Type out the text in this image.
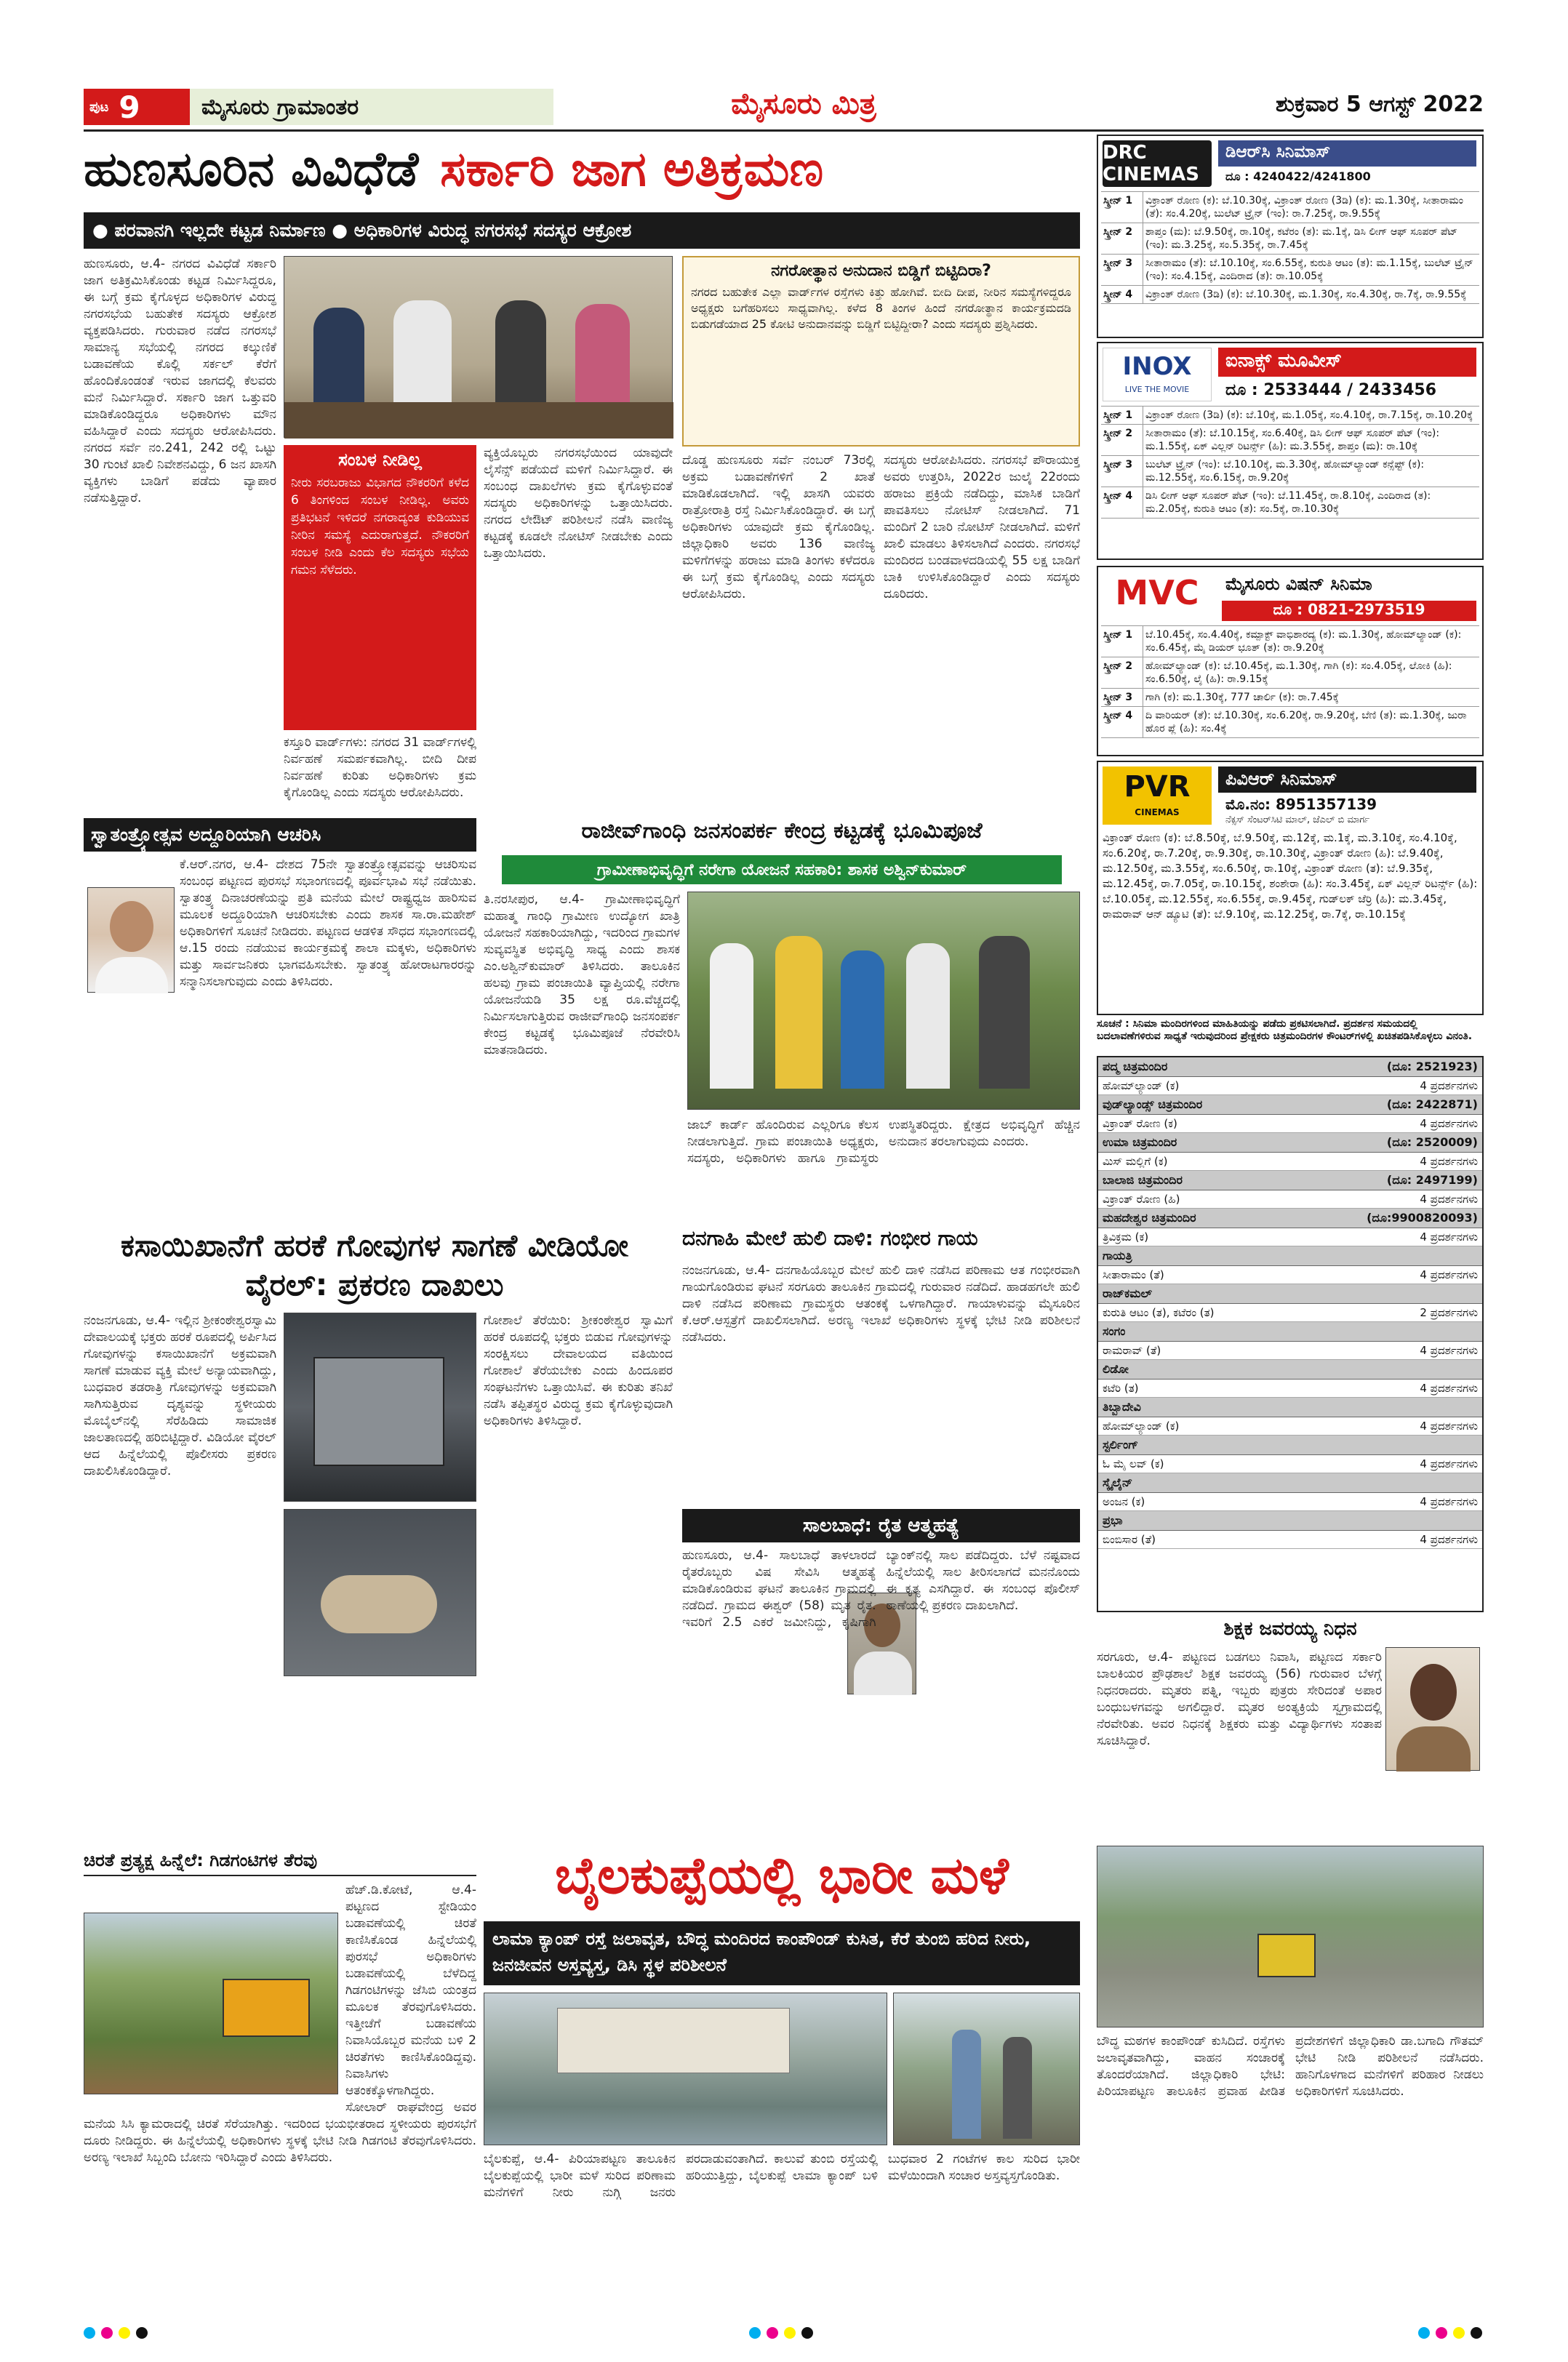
ಪುಟ 9	ಮೈಸೂರು ಗ್ರಾಮಾಂತರ	ಮೈಸೂರು ಮಿತ್ರ	ಶುಕ್ರವಾರ 5 ಆಗಸ್ಟ್ 2022
ಹುಣಸೂರಿನ ವಿವಿಧೆಡೆ ಸರ್ಕಾರಿ ಜಾಗ ಅತಿಕ್ರಮಣ
● ಪರವಾನಗಿ ಇಲ್ಲದೇ ಕಟ್ಟಡ ನಿರ್ಮಾಣ ● ಅಧಿಕಾರಿಗಳ ವಿರುದ್ಧ ನಗರಸಭೆ ಸದಸ್ಯರ ಆಕ್ರೋಶ
ಹುಣಸೂರು, ಆ.4- ನಗರದ ವಿವಿಧೆಡೆ ಸರ್ಕಾರಿ ಜಾಗ ಅತಿಕ್ರಮಿಸಿಕೊಂಡು ಕಟ್ಟಡ ನಿರ್ಮಿಸಿದ್ದರೂ, ಈ ಬಗ್ಗೆ ಕ್ರಮ ಕೈಗೊಳ್ಳದ ಅಧಿಕಾರಿಗಳ ವಿರುದ್ಧ ನಗರಸಭೆಯ ಬಹುತೇಕ ಸದಸ್ಯರು ಆಕ್ರೋಶ ವ್ಯಕ್ತಪಡಿಸಿದರು. ಗುರುವಾರ ನಡೆದ ನಗರಸಭೆ ಸಾಮಾನ್ಯ ಸಭೆಯಲ್ಲಿ ನಗರದ ಕಲ್ಕುಣಿಕೆ ಬಡಾವಣೆಯ ಕೊಲ್ಲಿ ಸರ್ಕಲ್ ಕೆರೆಗೆ ಹೊಂದಿಕೊಂಡಂತೆ ಇರುವ ಜಾಗದಲ್ಲಿ ಕೆಲವರು ಮನೆ ನಿರ್ಮಿಸಿದ್ದಾರೆ. ಸರ್ಕಾರಿ ಜಾಗ ಒತ್ತುವರಿ ಮಾಡಿಕೊಂಡಿದ್ದರೂ ಅಧಿಕಾರಿಗಳು ಮೌನ ವಹಿಸಿದ್ದಾರೆ ಎಂದು ಸದಸ್ಯರು ಆರೋಪಿಸಿದರು. ನಗರದ ಸರ್ವೆ ನಂ.241, 242 ರಲ್ಲಿ ಒಟ್ಟು 30 ಗುಂಟೆ ಖಾಲಿ ನಿವೇಶನವಿದ್ದು, 6 ಜನ ಖಾಸಗಿ ವ್ಯಕ್ತಿಗಳು ಬಾಡಿಗೆ ಪಡೆದು ವ್ಯಾಪಾರ ನಡೆಸುತ್ತಿದ್ದಾರೆ.
ಸಂಬಳ ನೀಡಿಲ್ಲ
ನೀರು ಸರಬರಾಜು ವಿಭಾಗದ ನೌಕರರಿಗೆ ಕಳೆದ 6 ತಿಂಗಳಿಂದ ಸಂಬಳ ನೀಡಿಲ್ಲ. ಅವರು ಪ್ರತಿಭಟನೆ ಇಳಿದರೆ ನಗರಾದ್ಯಂತ ಕುಡಿಯುವ ನೀರಿನ ಸಮಸ್ಯೆ ಎದುರಾಗುತ್ತದೆ. ನೌಕರರಿಗೆ ಸಂಬಳ ನೀಡಿ ಎಂದು ಕೆಲ ಸದಸ್ಯರು ಸಭೆಯ ಗಮನ ಸೆಳೆದರು.
ಕಸ್ತೂರಿ ವಾರ್ಡ್‌ಗಳು: ನಗರದ 31 ವಾರ್ಡ್‌ಗಳಲ್ಲಿ ನಿರ್ವಹಣೆ ಸಮರ್ಪಕವಾಗಿಲ್ಲ. ಬೀದಿ ದೀಪ ನಿರ್ವಹಣೆ ಕುರಿತು ಅಧಿಕಾರಿಗಳು ಕ್ರಮ ಕೈಗೊಂಡಿಲ್ಲ ಎಂದು ಸದಸ್ಯರು ಆರೋಪಿಸಿದರು.
ವ್ಯಕ್ತಿಯೊಬ್ಬರು ನಗರಸಭೆಯಿಂದ ಯಾವುದೇ ಲೈಸೆನ್ಸ್ ಪಡೆಯದೆ ಮಳಿಗೆ ನಿರ್ಮಿಸಿದ್ದಾರೆ. ಈ ಸಂಬಂಧ ದಾಖಲೆಗಳು ಕ್ರಮ ಕೈಗೊಳ್ಳುವಂತೆ ಸದಸ್ಯರು ಅಧಿಕಾರಿಗಳನ್ನು ಒತ್ತಾಯಿಸಿದರು. ನಗರದ ಲೇಔಟ್ ಪರಿಶೀಲನೆ ನಡೆಸಿ ವಾಣಿಜ್ಯ ಕಟ್ಟಡಕ್ಕೆ ಕೂಡಲೇ ನೋಟಿಸ್ ನೀಡಬೇಕು ಎಂದು ಒತ್ತಾಯಿಸಿದರು.
ನಗರೋತ್ಥಾನ ಅನುದಾನ ಬಿಡ್ಡಿಗೆ ಬಿಟ್ಟಿದಿರಾ?
ನಗರದ ಬಹುತೇಕ ಎಲ್ಲಾ ವಾರ್ಡ್‌ಗಳ ರಸ್ತೆಗಳು ಕಿತ್ತು ಹೋಗಿವೆ. ಬೀದಿ ದೀಪ, ನೀರಿನ ಸಮಸ್ಯೆಗಳಿದ್ದರೂ ಅಧ್ಯಕ್ಷರು ಬಗೆಹರಿಸಲು ಸಾಧ್ಯವಾಗಿಲ್ಲ. ಕಳೆದ 8 ತಿಂಗಳ ಹಿಂದೆ ನಗರೋತ್ಥಾನ ಕಾರ್ಯಕ್ರಮದಡಿ ಬಿಡುಗಡೆಯಾದ 25 ಕೋಟಿ ಅನುದಾನವನ್ನು ಬಿಡ್ಡಿಗೆ ಬಿಟ್ಟಿದ್ದೀರಾ? ಎಂದು ಸದಸ್ಯರು ಪ್ರಶ್ನಿಸಿದರು.
ದೊಡ್ಡ ಹುಣಸೂರು ಸರ್ವೆ ನಂಬರ್ 73ರಲ್ಲಿ ಅಕ್ರಮ ಬಡಾವಣೆಗಳಿಗೆ 2 ಖಾತೆ ಮಾಡಿಕೊಡಲಾಗಿದೆ. ಇಲ್ಲಿ ಖಾಸಗಿ ಯವರು ರಾತ್ರೋರಾತ್ರಿ ರಸ್ತೆ ನಿರ್ಮಿಸಿಕೊಂಡಿದ್ದಾರೆ. ಈ ಬಗ್ಗೆ ಅಧಿಕಾರಿಗಳು ಯಾವುದೇ ಕ್ರಮ ಕೈಗೊಂಡಿಲ್ಲ. ಜಿಲ್ಲಾಧಿಕಾರಿ ಅವರು 136 ವಾಣಿಜ್ಯ ಮಳಿಗೆಗಳನ್ನು ಹರಾಜು ಮಾಡಿ ತಿಂಗಳು ಕಳೆದರೂ ಈ ಬಗ್ಗೆ ಕ್ರಮ ಕೈಗೊಂಡಿಲ್ಲ ಎಂದು ಸದಸ್ಯರು ಆರೋಪಿಸಿದರು.
ಸದಸ್ಯರು ಆರೋಪಿಸಿದರು. ನಗರಸಭೆ ಪೌರಾಯುಕ್ತ ಅವರು ಉತ್ತರಿಸಿ, 2022ರ ಜುಲೈ 22ರಂದು ಹರಾಜು ಪ್ರಕ್ರಿಯೆ ನಡೆದಿದ್ದು, ಮಾಸಿಕ ಬಾಡಿಗೆ ಪಾವತಿಸಲು ನೋಟಿಸ್ ನೀಡಲಾಗಿದೆ. 71 ಮಂದಿಗೆ 2 ಬಾರಿ ನೋಟಿಸ್ ನೀಡಲಾಗಿದೆ. ಮಳಿಗೆ ಖಾಲಿ ಮಾಡಲು ತಿಳಿಸಲಾಗಿದೆ ಎಂದರು. ನಗರಸಭೆ ಮಂದಿರದ ಬಂಡವಾಳದಡಿಯಲ್ಲಿ 55 ಲಕ್ಷ ಬಾಡಿಗೆ ಬಾಕಿ ಉಳಿಸಿಕೊಂಡಿದ್ದಾರೆ ಎಂದು ಸದಸ್ಯರು ದೂರಿದರು.
DRC CINEMAS
ಡಿಆರ್‌ಸಿ ಸಿನಿಮಾಸ್
ದೂ : 4240422/4241800
ಸ್ಕ್ರೀನ್ 1	ವಿಕ್ರಾಂತ್ ರೋಣ (ಕ): ಬೆ.10.30ಕ್ಕೆ, ವಿಕ್ರಾಂತ್ ರೋಣ (3ಡಿ) (ಕ): ಮ.1.30ಕ್ಕೆ, ಸೀತಾರಾಮಂ (ತೆ): ಸಂ.4.20ಕ್ಕೆ, ಬುಲೆಟ್ ಟ್ರೈನ್ (ಇಂ): ರಾ.7.25ಕ್ಕೆ, ರಾ.9.55ಕ್ಕೆ
ಸ್ಕ್ರೀನ್ 2	ಶಾಪ್ತಂ (ಮ): ಬೆ.9.50ಕ್ಕೆ, ರಾ.10ಕ್ಕೆ, ಕಟೆರಂ (ತ): ಮ.1ಕ್ಕೆ, ಡಿಸಿ ಲೀಗ್ ಆಫ್ ಸೂಪರ್ ಪೆಟ್ (ಇಂ): ಮ.3.25ಕ್ಕೆ, ಸಂ.5.35ಕ್ಕೆ, ರಾ.7.45ಕ್ಕೆ
ಸ್ಕ್ರೀನ್ 3	ಸೀತಾರಾಮಂ (ತೆ): ಬೆ.10.10ಕ್ಕೆ, ಸಂ.6.55ಕ್ಕೆ, ಕುರುತಿ ಆಟಂ (ತ): ಮ.1.15ಕ್ಕೆ, ಬುಲೆಟ್ ಟ್ರೈನ್ (ಇಂ): ಸಂ.4.15ಕ್ಕೆ, ಎಂದಿರಾದ (ತ): ರಾ.10.05ಕ್ಕೆ
ಸ್ಕ್ರೀನ್ 4	ವಿಕ್ರಾಂತ್ ರೋಣ (3ಡಿ) (ಕ): ಬೆ.10.30ಕ್ಕೆ, ಮ.1.30ಕ್ಕೆ, ಸಂ.4.30ಕ್ಕೆ, ರಾ.7ಕ್ಕೆ, ರಾ.9.55ಕ್ಕೆ
INOX
LIVE THE MOVIE
ಐನಾಕ್ಸ್ ಮೂವೀಸ್
ದೂ : 2533444 / 2433456
ಸ್ಕ್ರೀನ್ 1	ವಿಕ್ರಾಂತ್ ರೋಣ (3ಡಿ) (ಕ): ಬೆ.10ಕ್ಕೆ, ಮ.1.05ಕ್ಕೆ, ಸಂ.4.10ಕ್ಕೆ, ರಾ.7.15ಕ್ಕೆ, ರಾ.10.20ಕ್ಕೆ
ಸ್ಕ್ರೀನ್ 2	ಸೀತಾರಾಮಂ (ತೆ): ಬೆ.10.15ಕ್ಕೆ, ಸಂ.6.40ಕ್ಕೆ, ಡಿಸಿ ಲೀಗ್ ಆಫ್ ಸೂಪರ್ ಪೆಟ್ (ಇಂ): ಮ.1.55ಕ್ಕೆ, ಏಕ್ ವಿಲ್ಲನ್ ರಿಟರ್ನ್ಸ್ (ಹಿ): ಮ.3.55ಕ್ಕೆ, ಶಾಪ್ತಂ (ಮ): ರಾ.10ಕ್ಕೆ
ಸ್ಕ್ರೀನ್ 3	ಬುಲೆಟ್ ಟ್ರೈನ್ (ಇಂ): ಬೆ.10.10ಕ್ಕೆ, ಮ.3.30ಕ್ಕೆ, ಹೋಮ್‌ಲ್ಯಾಂಡ್ ಕನ್ಸೆಪ್ಟ್ (ಕ): ಮ.12.55ಕ್ಕೆ, ಸಂ.6.15ಕ್ಕೆ, ರಾ.9.20ಕ್ಕೆ
ಸ್ಕ್ರೀನ್ 4	ಡಿಸಿ ಲೀಗ್ ಆಫ್ ಸೂಪರ್ ಪೆಟ್ (ಇಂ): ಬೆ.11.45ಕ್ಕೆ, ರಾ.8.10ಕ್ಕೆ, ಎಂದಿರಾದ (ತ): ಮ.2.05ಕ್ಕೆ, ಕುರುತಿ ಆಟಂ (ತ): ಸಂ.5ಕ್ಕೆ, ರಾ.10.30ಕ್ಕೆ
MVC	ಮೈಸೂರು ವಿಷನ್ ಸಿನಿಮಾ
ದೂ : 0821-2973519
ಸ್ಕ್ರೀನ್ 1	ಬೆ.10.45ಕ್ಕೆ, ಸಂ.4.40ಕ್ಕೆ, ಕಮ್ಪಾಕ್ಟ್ ವಾಭಿಶಾರದ್ಯ (ಕ): ಮ.1.30ಕ್ಕೆ, ಹೋಮ್‌ಲ್ಯಾಂಡ್ (ಕ): ಸಂ.6.45ಕ್ಕೆ, ಮೈ ಡಿಯರ್ ಭೂತ್ (ತ): ರಾ.9.20ಕ್ಕೆ
ಸ್ಕ್ರೀನ್ 2	ಹೋಮ್‌ಲ್ಯಾಂಡ್ (ಕ): ಬೆ.10.45ಕ್ಕೆ, ಮ.1.30ಕ್ಕೆ, ಗಾಗಿ (ಕ): ಸಂ.4.05ಕ್ಕೆ, ಲೋಕಿ (ಹಿ): ಸಂ.6.50ಕ್ಕೆ, ಲೈ (ಹಿ): ರಾ.9.15ಕ್ಕೆ
ಸ್ಕ್ರೀನ್ 3	ಗಾಗಿ (ಕ): ಮ.1.30ಕ್ಕೆ, 777 ಚಾರ್ಲಿ (ಕ): ರಾ.7.45ಕ್ಕೆ
ಸ್ಕ್ರೀನ್ 4	ದಿ ವಾರಿಯರ್ (ತೆ): ಬೆ.10.30ಕ್ಕೆ, ಸಂ.6.20ಕ್ಕೆ, ರಾ.9.20ಕ್ಕೆ, ಬೆಣಿ (ತ): ಮ.1.30ಕ್ಕೆ, ಜುರಾ ಹೊರ ಪ್ಲೆ (ಹಿ): ಸಂ.4ಕ್ಕೆ
PVR
CINEMAS
ಪಿವಿಆರ್ ಸಿನಿಮಾಸ್
ಮೊ.ನಂ: 8951357139
ನೆಕ್ಸಸ್ ಸೆಂಟರ್‌ಸಿಟಿ ಮಾಲ್, ಜೆಎಲ್ ಬಿ ಮಾರ್ಗ
ವಿಕ್ರಾಂತ್ ರೋಣ (ಕ): ಬೆ.8.50ಕ್ಕೆ, ಬೆ.9.50ಕ್ಕೆ, ಮ.12ಕ್ಕೆ, ಮ.1ಕ್ಕೆ, ಮ.3.10ಕ್ಕೆ, ಸಂ.4.10ಕ್ಕೆ, ಸಂ.6.20ಕ್ಕೆ, ರಾ.7.20ಕ್ಕೆ, ರಾ.9.30ಕ್ಕೆ, ರಾ.10.30ಕ್ಕೆ, ವಿಕ್ರಾಂತ್ ರೋಣ (ಹಿ): ಬೆ.9.40ಕ್ಕೆ, ಮ.12.50ಕ್ಕೆ, ಮ.3.55ಕ್ಕೆ, ಸಂ.6.50ಕ್ಕೆ, ರಾ.10ಕ್ಕೆ, ವಿಕ್ರಾಂತ್ ರೋಣ (ತ): ಬೆ.9.35ಕ್ಕೆ, ಮ.12.45ಕ್ಕೆ, ರಾ.7.05ಕ್ಕೆ, ರಾ.10.15ಕ್ಕೆ, ಶಂಶೇರಾ (ಹಿ): ಸಂ.3.45ಕ್ಕೆ, ಏಕ್ ವಿಲ್ಲನ್ ರಿಟರ್ನ್ಸ್ (ಹಿ): ಬೆ.10.05ಕ್ಕೆ, ಮ.12.55ಕ್ಕೆ, ಸಂ.6.55ಕ್ಕೆ, ರಾ.9.45ಕ್ಕೆ, ಗುಡ್‌ಲಕ್ ಜೆರ್ರಿ (ಹಿ): ಮ.3.45ಕ್ಕೆ, ರಾಮರಾವ್ ಆನ್ ಡ್ಯೂಟಿ (ತೆ): ಬೆ.9.10ಕ್ಕೆ, ಮ.12.25ಕ್ಕೆ, ರಾ.7ಕ್ಕೆ, ರಾ.10.15ಕ್ಕೆ
ಸೂಚನೆ : ಸಿನಿಮಾ ಮಂದಿರಗಳಿಂದ ಮಾಹಿತಿಯನ್ನು ಪಡೆದು ಪ್ರಕಟಿಸಲಾಗಿದೆ. ಪ್ರದರ್ಶನ ಸಮಯದಲ್ಲಿ ಬದಲಾವಣೆಗಳಿರುವ ಸಾಧ್ಯತೆ ಇರುವುದರಿಂದ ಪ್ರೇಕ್ಷಕರು ಚಿತ್ರಮಂದಿರಗಳ ಕೌಂಟರ್‌ಗಳಲ್ಲಿ ಖಚಿತಪಡಿಸಿಕೊಳ್ಳಲು ವಿನಂತಿ.
ಪದ್ಮ ಚಿತ್ರಮಂದಿರ	(ದೂ: 2521923)
ಹೋಮ್‌ಲ್ಯಾಂಡ್ (ಕ)	4 ಪ್ರದರ್ಶನಗಳು
ವುಡ್‌ಲ್ಯಾಂಡ್ಸ್ ಚಿತ್ರಮಂದಿರ	(ದೂ: 2422871)
ವಿಕ್ರಾಂತ್ ರೋಣ (ಕ)	4 ಪ್ರದರ್ಶನಗಳು
ಉಮಾ ಚಿತ್ರಮಂದಿರ	(ದೂ: 2520009)
ಮಿಸ್ ಮಲ್ಲಿಗೆ (ಕ)	4 ಪ್ರದರ್ಶನಗಳು
ಬಾಲಾಜಿ ಚಿತ್ರಮಂದಿರ	(ದೂ: 2497199)
ವಿಕ್ರಾಂತ್ ರೋಣ (ಹಿ)	4 ಪ್ರದರ್ಶನಗಳು
ಮಹದೇಶ್ವರ ಚಿತ್ರಮಂದಿರ	(ದೂ:9900820093)
ತ್ರಿವಿಕ್ರಮ (ಕ)	4 ಪ್ರದರ್ಶನಗಳು
ಗಾಯತ್ರಿ
ಸೀತಾರಾಮಂ (ತೆ)	4 ಪ್ರದರ್ಶನಗಳು
ರಾಜ್‌ಕಮಲ್
ಕುರುತಿ ಆಟಂ (ತ), ಕಟೆರಂ (ತ)	2 ಪ್ರದರ್ಶನಗಳು
ಸಂಗಂ
ರಾಮರಾವ್ (ತೆ)	4 ಪ್ರದರ್ಶನಗಳು
ಲಿಡೋ
ಕಟೆರಿ (ತ)	4 ಪ್ರದರ್ಶನಗಳು
ತಿಬ್ಬಾದೇವಿ
ಹೋಮ್‌ಲ್ಯಾಂಡ್ (ಕ)	4 ಪ್ರದರ್ಶನಗಳು
ಸ್ಟರ್ಲಿಂಗ್
ಓ ಮೈ ಲವ್ (ಕ)	4 ಪ್ರದರ್ಶನಗಳು
ಸ್ಕೈಲೈನ್
ಅಂಜನ (ಕ)	4 ಪ್ರದರ್ಶನಗಳು
ಪ್ರಭಾ
ಬಿಂಬಿಸಾರ (ತೆ)	4 ಪ್ರದರ್ಶನಗಳು
ಸ್ವಾತಂತ್ರ್ಯೋತ್ಸವ ಅದ್ದೂರಿಯಾಗಿ ಆಚರಿಸಿ
ಕೆ.ಆರ್.ನಗರ, ಆ.4- ದೇಶದ 75ನೇ ಸ್ವಾತಂತ್ರ್ಯೋತ್ಸವವನ್ನು ಆಚರಿಸುವ ಸಂಬಂಧ ಪಟ್ಟಣದ ಪುರಸಭೆ ಸಭಾಂಗಣದಲ್ಲಿ ಪೂರ್ವಭಾವಿ ಸಭೆ ನಡೆಯಿತು. ಸ್ವಾತಂತ್ರ್ಯ ದಿನಾಚರಣೆಯನ್ನು ಪ್ರತಿ ಮನೆಯ ಮೇಲೆ ರಾಷ್ಟ್ರಧ್ವಜ ಹಾರಿಸುವ ಮೂಲಕ ಅದ್ದೂರಿಯಾಗಿ ಆಚರಿಸಬೇಕು ಎಂದು ಶಾಸಕ ಸಾ.ರಾ.ಮಹೇಶ್ ಅಧಿಕಾರಿಗಳಿಗೆ ಸೂಚನೆ ನೀಡಿದರು. ಪಟ್ಟಣದ ಆಡಳಿತ ಸೌಧದ ಸಭಾಂಗಣದಲ್ಲಿ ಆ.15 ರಂದು ನಡೆಯುವ ಕಾರ್ಯಕ್ರಮಕ್ಕೆ ಶಾಲಾ ಮಕ್ಕಳು, ಅಧಿಕಾರಿಗಳು ಮತ್ತು ಸಾರ್ವಜನಿಕರು ಭಾಗವಹಿಸಬೇಕು. ಸ್ವಾತಂತ್ರ್ಯ ಹೋರಾಟಗಾರರನ್ನು ಸನ್ಮಾನಿಸಲಾಗುವುದು ಎಂದು ತಿಳಿಸಿದರು.
ರಾಜೀವ್‌ಗಾಂಧಿ ಜನಸಂಪರ್ಕ ಕೇಂದ್ರ ಕಟ್ಟಡಕ್ಕೆ ಭೂಮಿಪೂಜೆ
ಗ್ರಾಮೀಣಾಭಿವೃದ್ಧಿಗೆ ನರೇಗಾ ಯೋಜನೆ ಸಹಕಾರಿ: ಶಾಸಕ ಅಶ್ವಿನ್‌ಕುಮಾರ್
ತಿ.ನರಸೀಪುರ, ಆ.4- ಗ್ರಾಮೀಣಾಭಿವೃದ್ಧಿಗೆ ಮಹಾತ್ಮ ಗಾಂಧಿ ಗ್ರಾಮೀಣ ಉದ್ಯೋಗ ಖಾತ್ರಿ ಯೋಜನೆ ಸಹಕಾರಿಯಾಗಿದ್ದು, ಇದರಿಂದ ಗ್ರಾಮಗಳ ಸುವ್ಯವಸ್ಥಿತ ಅಭಿವೃದ್ಧಿ ಸಾಧ್ಯ ಎಂದು ಶಾಸಕ ಎಂ.ಅಶ್ವಿನ್‌ಕುಮಾರ್ ತಿಳಿಸಿದರು. ತಾಲೂಕಿನ ಹಲವು ಗ್ರಾಮ ಪಂಚಾಯಿತಿ ವ್ಯಾಪ್ತಿಯಲ್ಲಿ ನರೇಗಾ ಯೋಜನೆಯಡಿ 35 ಲಕ್ಷ ರೂ.ವೆಚ್ಚದಲ್ಲಿ ನಿರ್ಮಿಸಲಾಗುತ್ತಿರುವ ರಾಜೀವ್‌ಗಾಂಧಿ ಜನಸಂಪರ್ಕ ಕೇಂದ್ರ ಕಟ್ಟಡಕ್ಕೆ ಭೂಮಿಪೂಜೆ ನೆರವೇರಿಸಿ ಮಾತನಾಡಿದರು.
ಜಾಬ್ ಕಾರ್ಡ್ ಹೊಂದಿರುವ ಎಲ್ಲರಿಗೂ ಕೆಲಸ ನೀಡಲಾಗುತ್ತಿದೆ. ಗ್ರಾಮ ಪಂಚಾಯಿತಿ ಅಧ್ಯಕ್ಷರು, ಸದಸ್ಯರು, ಅಧಿಕಾರಿಗಳು ಹಾಗೂ ಗ್ರಾಮಸ್ಥರು ಉಪಸ್ಥಿತರಿದ್ದರು. ಕ್ಷೇತ್ರದ ಅಭಿವೃದ್ಧಿಗೆ ಹೆಚ್ಚಿನ ಅನುದಾನ ತರಲಾಗುವುದು ಎಂದರು.
ಕಸಾಯಿಖಾನೆಗೆ ಹರಕೆ ಗೋವುಗಳ ಸಾಗಣೆ ವೀಡಿಯೋ ವೈರಲ್: ಪ್ರಕರಣ ದಾಖಲು
ನಂಜನಗೂಡು, ಆ.4- ಇಲ್ಲಿನ ಶ್ರೀಕಂಠೇಶ್ವರಸ್ವಾಮಿ ದೇವಾಲಯಕ್ಕೆ ಭಕ್ತರು ಹರಕೆ ರೂಪದಲ್ಲಿ ಅರ್ಪಿಸಿದ ಗೋವುಗಳನ್ನು ಕಸಾಯಿಖಾನೆಗೆ ಅಕ್ರಮವಾಗಿ ಸಾಗಣೆ ಮಾಡುವ ವ್ಯಕ್ತಿ ಮೇಲೆ ಅನ್ಯಾಯವಾಗಿದ್ದು, ಬುಧವಾರ ತಡರಾತ್ರಿ ಗೋವುಗಳನ್ನು ಅಕ್ರಮವಾಗಿ ಸಾಗಿಸುತ್ತಿರುವ ದೃಶ್ಯವನ್ನು ಸ್ಥಳೀಯರು ಮೊಬೈಲ್‌ನಲ್ಲಿ ಸೆರೆಹಿಡಿದು ಸಾಮಾಜಿಕ ಜಾಲತಾಣದಲ್ಲಿ ಹರಿಬಿಟ್ಟಿದ್ದಾರೆ. ವಿಡಿಯೋ ವೈರಲ್ ಆದ ಹಿನ್ನೆಲೆಯಲ್ಲಿ ಪೊಲೀಸರು ಪ್ರಕರಣ ದಾಖಲಿಸಿಕೊಂಡಿದ್ದಾರೆ.
ಗೋಶಾಲೆ ತೆರೆಯಿರಿ: ಶ್ರೀಕಂಠೇಶ್ವರ ಸ್ವಾಮಿಗೆ ಹರಕೆ ರೂಪದಲ್ಲಿ ಭಕ್ತರು ಬಿಡುವ ಗೋವುಗಳನ್ನು ಸಂರಕ್ಷಿಸಲು ದೇವಾಲಯದ ವತಿಯಿಂದ ಗೋಶಾಲೆ ತೆರೆಯಬೇಕು ಎಂದು ಹಿಂದೂಪರ ಸಂಘಟನೆಗಳು ಒತ್ತಾಯಿಸಿವೆ. ಈ ಕುರಿತು ತನಿಖೆ ನಡೆಸಿ ತಪ್ಪಿತಸ್ಥರ ವಿರುದ್ಧ ಕ್ರಮ ಕೈಗೊಳ್ಳುವುದಾಗಿ ಅಧಿಕಾರಿಗಳು ತಿಳಿಸಿದ್ದಾರೆ.
ದನಗಾಹಿ ಮೇಲೆ ಹುಲಿ ದಾಳಿ: ಗಂಭೀರ ಗಾಯ
ನಂಜನಗೂಡು, ಆ.4- ದನಗಾಹಿಯೊಬ್ಬರ ಮೇಲೆ ಹುಲಿ ದಾಳಿ ನಡೆಸಿದ ಪರಿಣಾಮ ಆತ ಗಂಭೀರವಾಗಿ ಗಾಯಗೊಂಡಿರುವ ಘಟನೆ ಸರಗೂರು ತಾಲೂಕಿನ ಗ್ರಾಮದಲ್ಲಿ ಗುರುವಾರ ನಡೆದಿದೆ. ಹಾಡಹಗಲೇ ಹುಲಿ ದಾಳಿ ನಡೆಸಿದ ಪರಿಣಾಮ ಗ್ರಾಮಸ್ಥರು ಆತಂಕಕ್ಕೆ ಒಳಗಾಗಿದ್ದಾರೆ. ಗಾಯಾಳುವನ್ನು ಮೈಸೂರಿನ ಕೆ.ಆರ್.ಆಸ್ಪತ್ರೆಗೆ ದಾಖಲಿಸಲಾಗಿದೆ. ಅರಣ್ಯ ಇಲಾಖೆ ಅಧಿಕಾರಿಗಳು ಸ್ಥಳಕ್ಕೆ ಭೇಟಿ ನೀಡಿ ಪರಿಶೀಲನೆ ನಡೆಸಿದರು.
ಸಾಲಬಾಧೆ: ರೈತ ಆತ್ಮಹತ್ಯೆ
ಹುಣಸೂರು, ಆ.4- ಸಾಲಬಾಧೆ ತಾಳಲಾರದೆ ರೈತರೊಬ್ಬರು ವಿಷ ಸೇವಿಸಿ ಆತ್ಮಹತ್ಯೆ ಮಾಡಿಕೊಂಡಿರುವ ಘಟನೆ ತಾಲೂಕಿನ ಗ್ರಾಮದಲ್ಲಿ ನಡೆದಿದೆ. ಗ್ರಾಮದ ಈಶ್ವರ್ (58) ಮೃತ ರೈತ. ಇವರಿಗೆ 2.5 ಎಕರೆ ಜಮೀನಿದ್ದು, ಕೃಷಿಗಾಗಿ ಬ್ಯಾಂಕ್‌ನಲ್ಲಿ ಸಾಲ ಪಡೆದಿದ್ದರು. ಬೆಳೆ ನಷ್ಟವಾದ ಹಿನ್ನೆಲೆಯಲ್ಲಿ ಸಾಲ ತೀರಿಸಲಾಗದೆ ಮನನೊಂದು ಈ ಕೃತ್ಯ ಎಸಗಿದ್ದಾರೆ. ಈ ಸಂಬಂಧ ಪೊಲೀಸ್ ಠಾಣೆಯಲ್ಲಿ ಪ್ರಕರಣ ದಾಖಲಾಗಿದೆ.
ಶಿಕ್ಷಕ ಜವರಯ್ಯ ನಿಧನ
ಸರಗೂರು, ಆ.4- ಪಟ್ಟಣದ ಬಡಗಲು ನಿವಾಸಿ, ಪಟ್ಟಣದ ಸರ್ಕಾರಿ ಬಾಲಕಿಯರ ಪ್ರೌಢಶಾಲೆ ಶಿಕ್ಷಕ ಜವರಯ್ಯ (56) ಗುರುವಾರ ಬೆಳಗ್ಗೆ ನಿಧನರಾದರು. ಮೃತರು ಪತ್ನಿ, ಇಬ್ಬರು ಪುತ್ರರು ಸೇರಿದಂತೆ ಅಪಾರ ಬಂಧುಬಳಗವನ್ನು ಅಗಲಿದ್ದಾರೆ. ಮೃತರ ಅಂತ್ಯಕ್ರಿಯೆ ಸ್ವಗ್ರಾಮದಲ್ಲಿ ನೆರವೇರಿತು. ಅವರ ನಿಧನಕ್ಕೆ ಶಿಕ್ಷಕರು ಮತ್ತು ವಿದ್ಯಾರ್ಥಿಗಳು ಸಂತಾಪ ಸೂಚಿಸಿದ್ದಾರೆ.
ಚಿರತೆ ಪ್ರತ್ಯಕ್ಷ ಹಿನ್ನೆಲೆ: ಗಿಡಗಂಟಿಗಳ ತೆರವು
ಹೆಚ್.ಡಿ.ಕೋಟೆ, ಆ.4- ಪಟ್ಟಣದ ಸ್ಟೇಡಿಯಂ ಬಡಾವಣೆಯಲ್ಲಿ ಚಿರತೆ ಕಾಣಿಸಿಕೊಂಡ ಹಿನ್ನೆಲೆಯಲ್ಲಿ ಪುರಸಭೆ ಅಧಿಕಾರಿಗಳು ಬಡಾವಣೆಯಲ್ಲಿ ಬೆಳೆದಿದ್ದ ಗಿಡಗಂಟಿಗಳನ್ನು ಜೆಸಿಬಿ ಯಂತ್ರದ ಮೂಲಕ ತೆರವುಗೊಳಿಸಿದರು. ಇತ್ತೀಚೆಗೆ ಬಡಾವಣೆಯ ನಿವಾಸಿಯೊಬ್ಬರ ಮನೆಯ ಬಳಿ 2 ಚಿರತೆಗಳು ಕಾಣಿಸಿಕೊಂಡಿದ್ದವು. ನಿವಾಸಿಗಳು ಆತಂಕಕ್ಕೊಳಗಾಗಿದ್ದರು. ಸೋಲಾರ್ ರಾಘವೇಂದ್ರ ಅವರ ಮನೆಯ ಸಿಸಿ ಕ್ಯಾಮರಾದಲ್ಲಿ ಚಿರತೆ ಸೆರೆಯಾಗಿತ್ತು. ಇದರಿಂದ ಭಯಭೀತರಾದ ಸ್ಥಳೀಯರು ಪುರಸಭೆಗೆ ದೂರು ನೀಡಿದ್ದರು. ಈ ಹಿನ್ನೆಲೆಯಲ್ಲಿ ಅಧಿಕಾರಿಗಳು ಸ್ಥಳಕ್ಕೆ ಭೇಟಿ ನೀಡಿ ಗಿಡಗಂಟಿ ತೆರವುಗೊಳಿಸಿದರು. ಅರಣ್ಯ ಇಲಾಖೆ ಸಿಬ್ಬಂದಿ ಬೋನು ಇರಿಸಿದ್ದಾರೆ ಎಂದು ತಿಳಿಸಿದರು.
ಬೈಲಕುಪ್ಪೆಯಲ್ಲಿ ಭಾರೀ ಮಳೆ
ಲಾಮಾ ಕ್ಯಾಂಪ್ ರಸ್ತೆ ಜಲಾವೃತ, ಬೌದ್ಧ ಮಂದಿರದ ಕಾಂಪೌಂಡ್ ಕುಸಿತ, ಕೆರೆ ತುಂಬಿ ಹರಿದ ನೀರು, ಜನಜೀವನ ಅಸ್ತವ್ಯಸ್ತ, ಡಿಸಿ ಸ್ಥಳ ಪರಿಶೀಲನೆ
ಬೈಲಕುಪ್ಪೆ, ಆ.4- ಪಿರಿಯಾಪಟ್ಟಣ ತಾಲೂಕಿನ ಬೈಲಕುಪ್ಪೆಯಲ್ಲಿ ಭಾರೀ ಮಳೆ ಸುರಿದ ಪರಿಣಾಮ ಮನೆಗಳಿಗೆ ನೀರು ನುಗ್ಗಿ ಜನರು ಪರದಾಡುವಂತಾಗಿದೆ. ಕಾಲುವೆ ತುಂಬಿ ರಸ್ತೆಯಲ್ಲಿ ಹರಿಯುತ್ತಿದ್ದು, ಬೈಲಕುಪ್ಪೆ ಲಾಮಾ ಕ್ಯಾಂಪ್ ಬಳಿ ಬುಧವಾರ 2 ಗಂಟೆಗಳ ಕಾಲ ಸುರಿದ ಭಾರೀ ಮಳೆಯಿಂದಾಗಿ ಸಂಚಾರ ಅಸ್ತವ್ಯಸ್ತಗೊಂಡಿತು.
ಬೌದ್ಧ ಮಠಗಳ ಕಾಂಪೌಂಡ್ ಕುಸಿದಿದೆ. ರಸ್ತೆಗಳು ಜಲಾವೃತವಾಗಿದ್ದು, ವಾಹನ ಸಂಚಾರಕ್ಕೆ ತೊಂದರೆಯಾಗಿದೆ. ಜಿಲ್ಲಾಧಿಕಾರಿ ಭೇಟಿ: ಪಿರಿಯಾಪಟ್ಟಣ ತಾಲೂಕಿನ ಪ್ರವಾಹ ಪೀಡಿತ ಪ್ರದೇಶಗಳಿಗೆ ಜಿಲ್ಲಾಧಿಕಾರಿ ಡಾ.ಬಗಾದಿ ಗೌತಮ್ ಭೇಟಿ ನೀಡಿ ಪರಿಶೀಲನೆ ನಡೆಸಿದರು. ಹಾನಿಗೊಳಗಾದ ಮನೆಗಳಿಗೆ ಪರಿಹಾರ ನೀಡಲು ಅಧಿಕಾರಿಗಳಿಗೆ ಸೂಚಿಸಿದರು.
